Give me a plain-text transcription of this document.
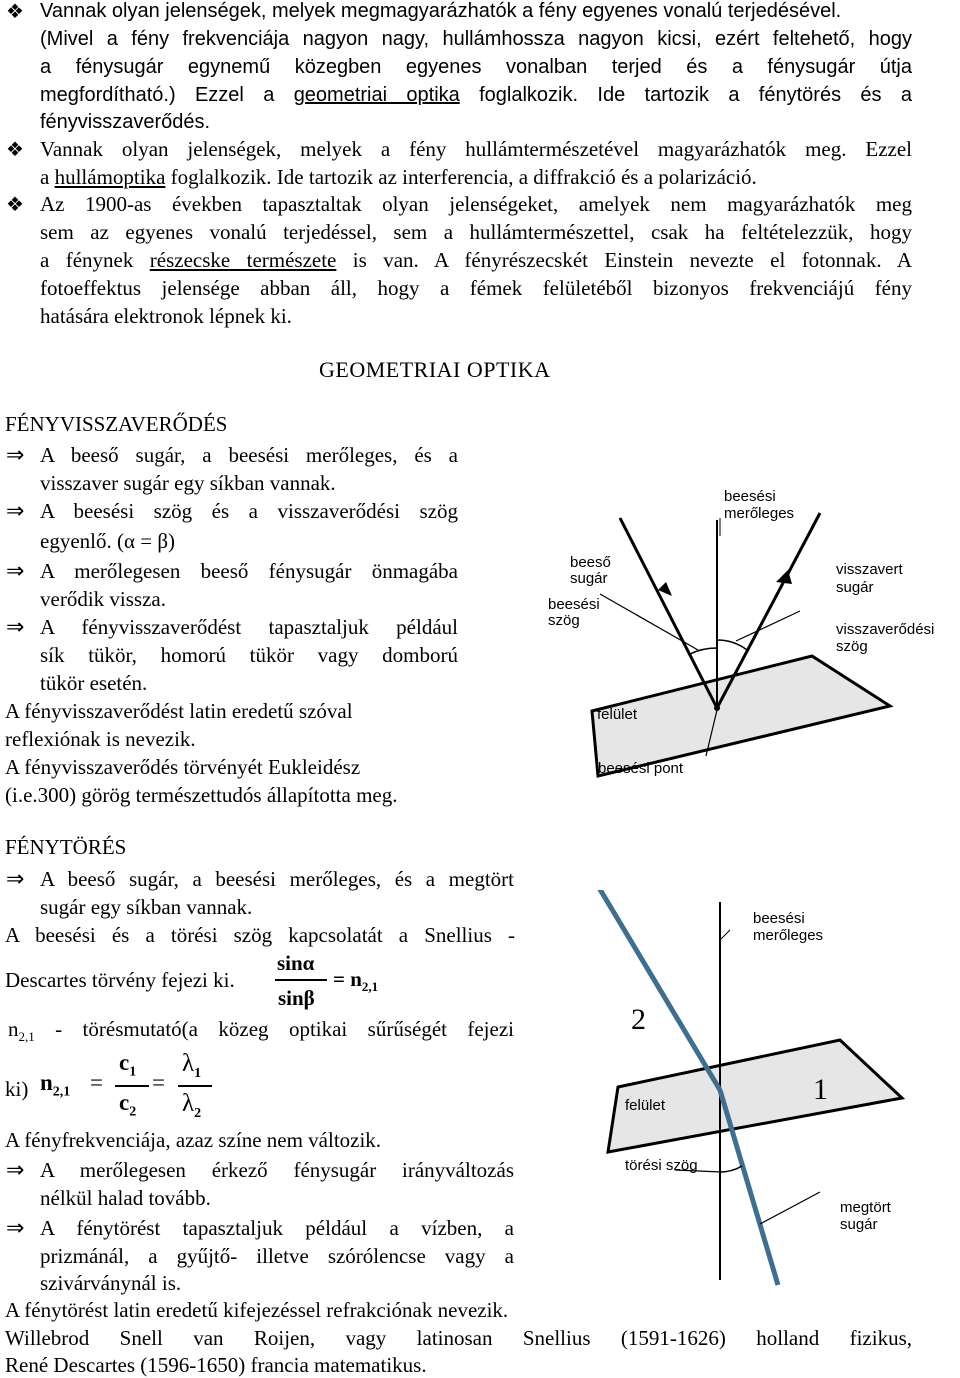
❖ Vannak olyan jelenségek, melyek megmagyarázhatók a fény egyenes vonalú terjedésével.
(Mivel a fény frekvenciája nagyon nagy, hullámhossza nagyon kicsi, ezért feltehető, hogy
a fénysugár egynemű közegben egyenes vonalban terjed és a fénysugár útja
megfordítható.) Ezzel a geometriai optika foglalkozik. Ide tartozik a fénytörés és a
fényvisszaverődés.
❖ Vannak olyan jelenségek, melyek a fény hullámtermészetével magyarázhatók meg. Ezzel
a hullámoptika foglalkozik. Ide tartozik az interferencia, a diffrakció és a polarizáció.
❖ Az 1900-as években tapasztaltak olyan jelenségeket, amelyek nem magyarázhatók meg
sem az egyenes vonalú terjedéssel, sem a hullámtermészettel, csak ha feltételezzük, hogy
a fénynek részecske természete is van. A fényrészecskét Einstein nevezte el fotonnak. A
fotoeffektus jelensége abban áll, hogy a fémek felületéből bizonyos frekvenciájú fény
hatására elektronok lépnek ki.
GEOMETRIAI OPTIKA
FÉNYVISSZAVERŐDÉS
⇒ A beeső sugár, a beesési merőleges, és a
visszaver sugár egy síkban vannak.
⇒ A beesési szög és a visszaverődési szög
egyenlő. (α = β)
⇒ A merőlegesen beeső fénysugár önmagába
verődik vissza.
⇒ A fényvisszaverődést tapasztaljuk például
sík tükör, homorú tükör vagy domború
tükör esetén.
A fényvisszaverődést latin eredetű szóval
reflexiónak is nevezik.
A fényvisszaverődés törvényét Eukleidész
(i.e.300) görög természettudós állapította meg.
beesési
merőleges
beeső
sugár
beesési
szög
visszavert
sugár
visszaverődési
szög
felület
beesési pont
FÉNYTÖRÉS
⇒ A beeső sugár, a beesési merőleges, és a megtört
sugár egy síkban vannak.
A beesési és a törési szög kapcsolatát a Snellius -
Descartes törvény fejezi ki.
sinα
sinβ
= $n_{2,1}$
$n_{2,1}$ - törésmutató(a közeg optikai sűrűségét fejezi
ki) $n_{2,1}$ =
$c_1$
$c_2$
=
$\lambda_1$
$\lambda_2$
A fényfrekvenciája, azaz színe nem változik.
⇒ A merőlegesen érkező fénysugár irányváltozás
nélkül halad tovább.
⇒ A fénytörést tapasztaljuk például a vízben, a
prizmánál, a gyűjtő- illetve szórólencse vagy a
szivárványnál is.
A fénytörést latin eredetű kifejezéssel refrakciónak nevezik.
Willebrod Snell van Roijen, vagy latinosan Snellius (1591-1626) holland fizikus,
René Descartes (1596-1650) francia matematikus.
beesési
merőleges
felület
törési szög
megtört
sugár
2
1
